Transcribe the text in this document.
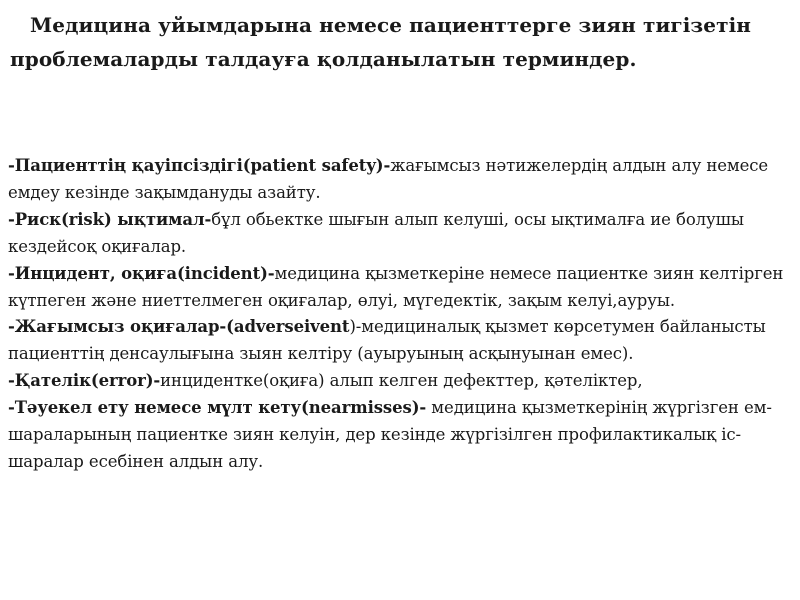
Медицина уйымдарына немесе пациенттерге зиян тигізетін проблемаларды талдауға қолданылатын терминдер.
-Пациенттің қауіпсіздігі(patient safety)-жағымсыз нәтижелердің алдын алу немесе емдеу кезінде зақымдануды азайту.
-Риск(risk) ықтимал-бұл обьектке шығын алып келуші, осы ықтималға ие болушы кездейсоқ оқиғалар.
-Инцидент, оқиға(incident)-медицина қызметкеріне немесе пациентке зиян келтірген күтпеген және ниеттелмеген оқиғалар, өлуі, мүгедектік, зақым келуі,ауруы.
-Жағымсыз оқиғалар-(adverseivent)-медициналық қызмет көрсетумен байланысты пациенттің денсаулығына зыян келтіру (ауыруының асқынуынан емес).
-Қателік(error)-инцидентке(оқиға) алып келген дефекттер, қәтеліктер,
-Тәуекел ету немесе мүлт кету(nearmisses)- медицина қызметкерінің жүргізген ем-шараларының пациентке зиян келуін, дер кезінде жүргізілген профилактикалық іс-шаралар есебінен алдын алу.
